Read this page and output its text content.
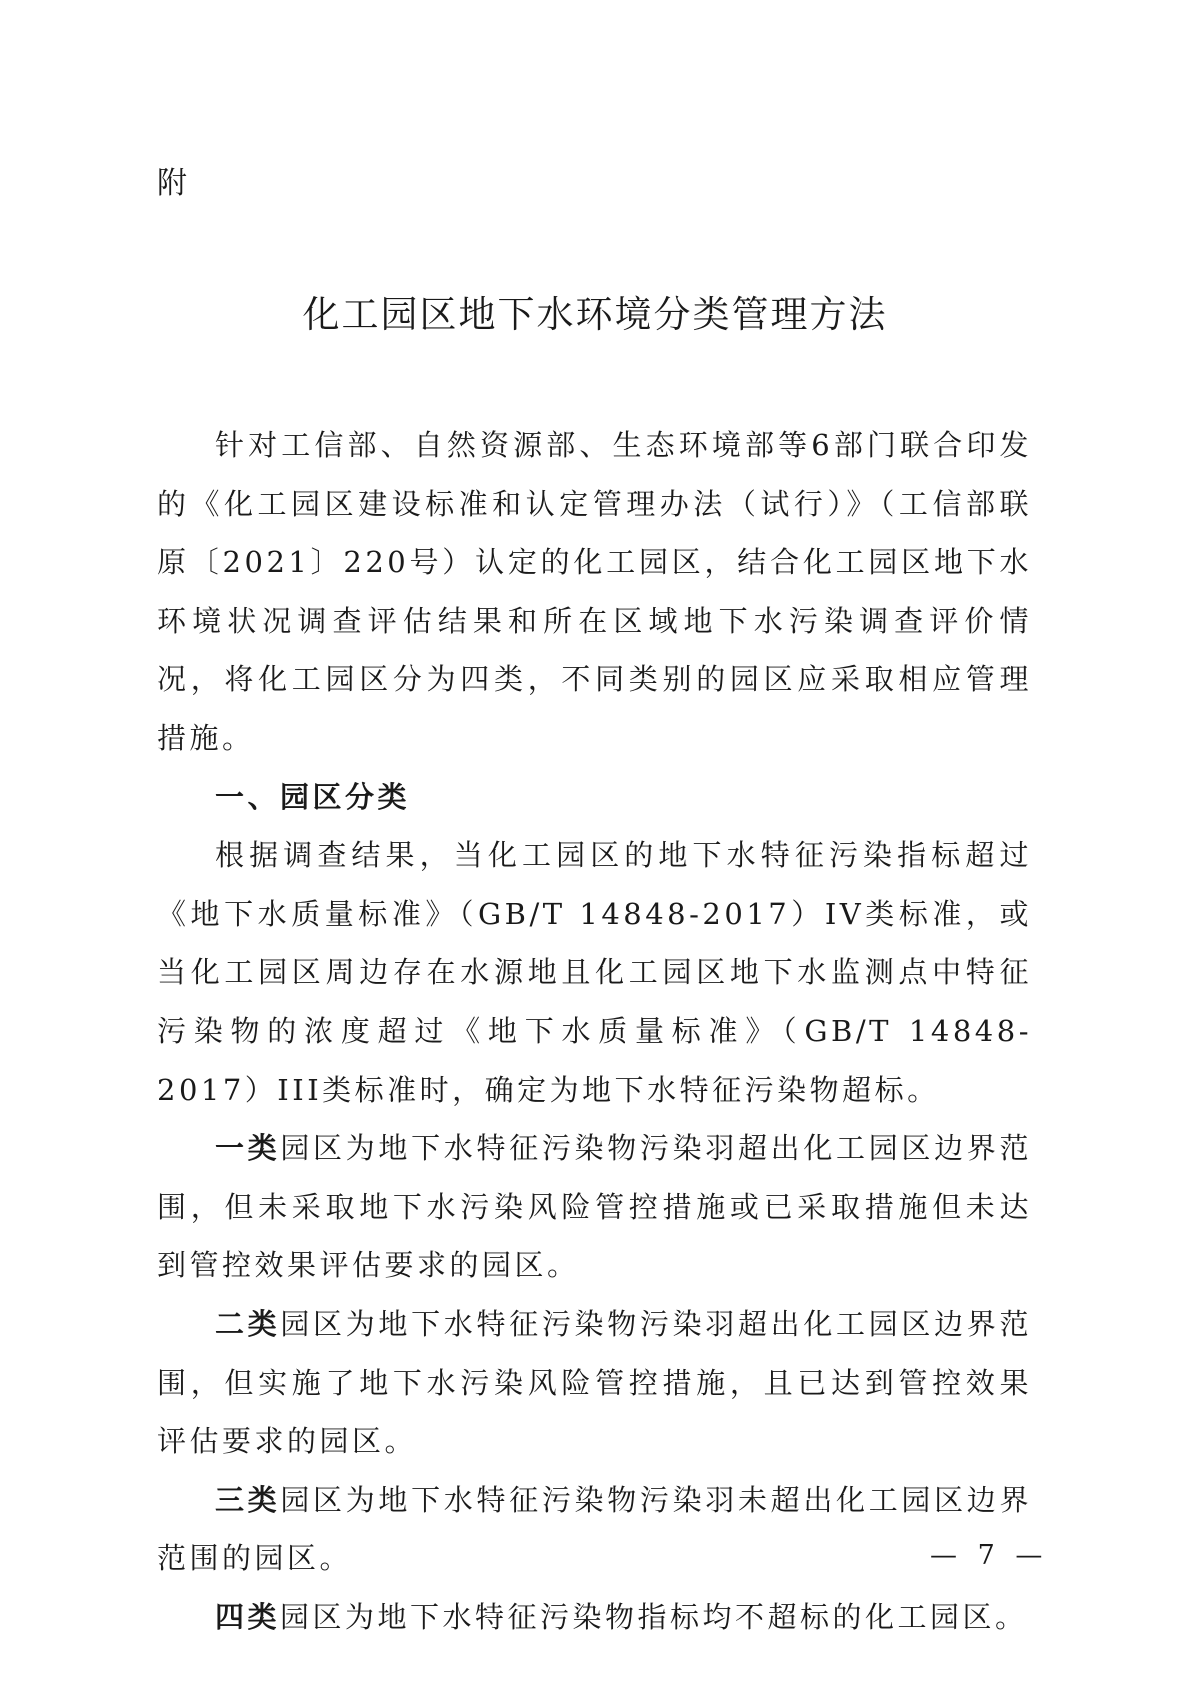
附
化工园区地下水环境分类管理方法

针对工信部、自然资源部、生态环境部等6部门联合印发的《化工园区建设标准和认定管理办法（试行）》（工信部联原〔2021〕220号）认定的化工园区，结合化工园区地下水环境状况调查评估结果和所在区域地下水污染调查评价情况，将化工园区分为四类，不同类别的园区应采取相应管理措施。

一、园区分类

根据调查结果，当化工园区的地下水特征污染指标超过《地下水质量标准》（GB/T 14848-2017）IV类标准，或当化工园区周边存在水源地且化工园区地下水监测点中特征污染物的浓度超过《地下水质量标准》（GB/T 14848-2017）III类标准时，确定为地下水特征污染物超标。

一类园区为地下水特征污染物污染羽超出化工园区边界范围，但未采取地下水污染风险管控措施或已采取措施但未达到管控效果评估要求的园区。

二类园区为地下水特征污染物污染羽超出化工园区边界范围，但实施了地下水污染风险管控措施，且已达到管控效果评估要求的园区。

三类园区为地下水特征污染物污染羽未超出化工园区边界范围的园区。

四类园区为地下水特征污染物指标均不超标的化工园区。

— 7 —
